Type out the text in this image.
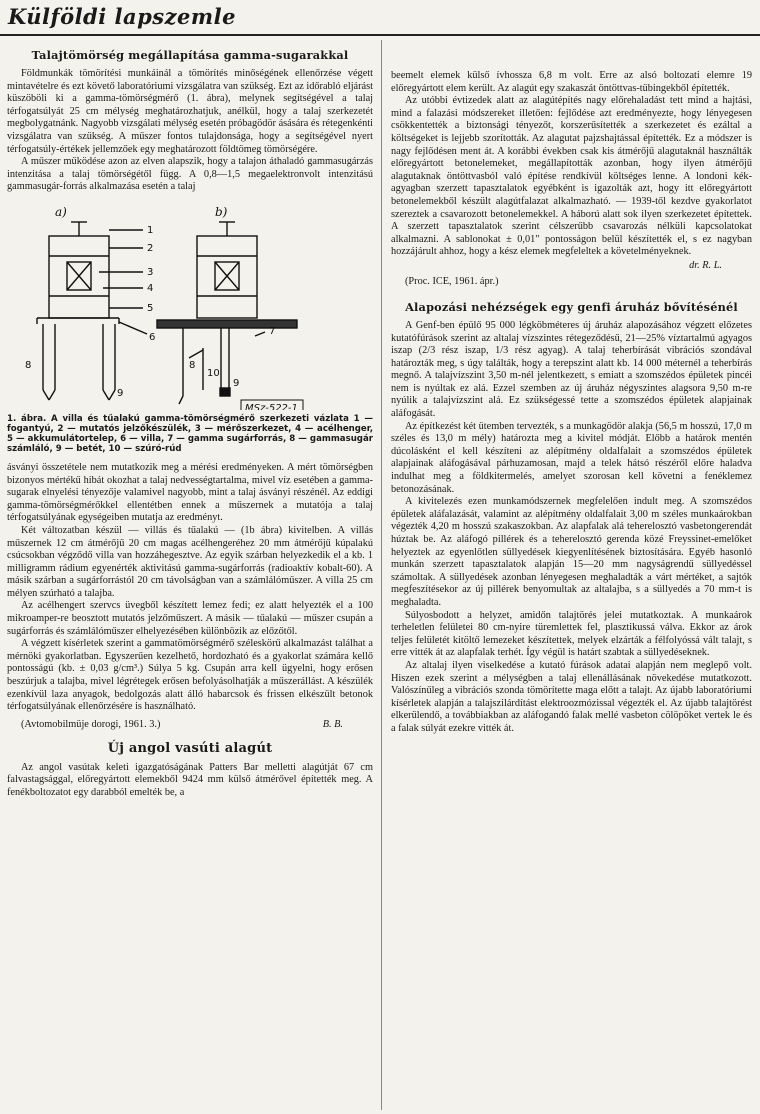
Külföldi lapszemle
Talajtömörség megállapítása gamma-sugarakkal

Földmunkák tömörítési munkáinál a tömörítés minőségének ellenőrzése végett mintavételre és ezt követő laboratóriumi vizsgálatra van szükség. Ezt az időrabló eljárást küszöböli ki a gamma-tömörségmérő (1. ábra), melynek segítségével a talaj térfogatsúlyát 25 cm mélység meghatározhatjuk, anélkül, hogy a talaj szerkezetét megbolygatnánk. Nagyobb vizsgálati mélység esetén próbagödör ásására és rétegenkénti vizsgálatra van szükség. A műszer fontos tulajdonsága, hogy a segítségével nyert térfogatsúly-értékek jellemzőek egy meghatározott földtömeg tömörségére.

A műszer működése azon az elven alapszik, hogy a talajon áthaladó gammasugárzás intenzitása a talaj tömörségétől függ. A 0,8—1,5 megaelektronvolt intenzitású gammasugár-forrás alkalmazása esetén a talaj

a)	b)
1
2
3
4
5
6
7
8
9
10
8
9
MSz-522-1
1. ábra. A villa és tűalakú gamma-tömörségmérő szerkezeti vázlata 1 — fogantyú, 2 — mutatós jelzőkészülék, 3 — mérőszerkezet, 4 — acélhenger, 5 — akkumulátortelep, 6 — villa, 7 — gamma sugárforrás, 8 — gammasugár számláló, 9 — betét, 10 — szúró-rúd

ásványi összetétele nem mutatkozik meg a mérési eredményeken. A mért tömörségben bizonyos mértékű hibát okozhat a talaj nedvességtartalma, mivel víz esetében a gamma-sugarak elnyelési tényezője valamivel nagyobb, mint a talaj ásványi részénél. Az eddigi gamma-tömörségmérőkkel ellentétben ennek a műszernek a mutatója a talaj térfogatsúlyának egységeiben mutatja az eredményt.

Két változatban készül — villás és tűalakú — (1b ábra) kivitelben. A villás műszernek 12 cm átmérőjű 20 cm magas acélhengeréhez 20 mm átmérőjű kúpalakú csúcsokban végződő villa van hozzáhegesztve. Az egyik szárban helyezkedik el a kb. 1 milligramm rádium egyenérték aktivitású gamma-sugárforrás (radioaktív kobalt-60). A másik szárban a sugárforrástól 20 cm távolságban van a számlálóműszer. A villa 25 cm mélyen szúrható a talajba.

Az acélhengert szervcs üvegből készített lemez fedi; ez alatt helyezték el a 100 mikroamper-re beosztott mutatós jelzőműszert. A másik — tűalakú — műszer csupán a sugárforrás és számlálóműszer elhelyezésében különbözik az előzőtől.

A végzett kísérletek szerint a gammatömörségmérő széleskörű alkalmazást találhat a mérnöki gyakorlatban. Egyszerűen kezelhető, hordozható és a gyakorlat számára kellő pontosságú (kb. ± 0,03 g/cm³.) Súlya 5 kg. Csupán arra kell ügyelni, hogy erősen beszúrjuk a talajba, mivel légrétegek erősen befolyásolhatják a műszerállást. A készülék ezenkívül laza anyagok, bedolgozás alatt álló habarcsok és frissen elkészült betonok térfogatsúlyának ellenőrzésére is használható.

(Avtomobilmüje dorogi, 1961. 3.)	B. B.
Új angol vasúti alagút

Az angol vasútak keleti igazgatóságának Patters Bar melletti alagútját 67 cm falvastagsággal, előregyártott elemekből 9424 mm külső átmérővel építették meg. A fenékboltozatot egy darabból emelték be, a

beemelt elemek külső ívhossza 6,8 m volt. Erre az alsó boltozati elemre 19 előregyártott elem került. Az alagút egy szakaszát öntöttvas-tübingekből építették.

Az utóbbi évtizedek alatt az alagútépítés nagy előrehaladást tett mind a hajtási, mind a falazási módszereket illetően: fejlődése azt eredményezte, hogy lényegesen csökkentették a biztonsági tényezőt, korszerűsítették a szerkezetet és ezáltal a költségeket is lejjebb szorították. Az alagutat pajzshajtással építették. Ez a módszer is nagy fejlődésen ment át. A korábbi években csak kis átmérőjű alagutaknál használták előregyártott betonelemeket, megállapították azonban, hogy ilyen átmérőjű alagutaknak öntöttvasból való építése rendkívül költséges lenne. A londoni kék-agyagban szerzett tapasztalatok egyébként is igazolták azt, hogy itt előregyártott betonelemekből készült alagútfalazat alkalmazható. — 1939-től kezdve gyakorlatot szereztek a csavarozott betonelemekkel. A háború alatt sok ilyen szerkezetet építettek. A szerzett tapasztalatok szerint célszerűbb csavarozás nélküli kapcsolatokat alkalmazni. A sablonokat ± 0,01" pontosságon belül készítették el, s ez nagyban hozzájárult ahhoz, hogy a kész elemek megfeleltek a követelményeknek.

dr. R. L.
(Proc. ICE, 1961. ápr.)
Alapozási nehézségek egy genfi áruház bővítésénél

A Genf-ben épülő 95 000 légköbméteres új áruház alapozásához végzett előzetes kutatófúrások szerint az altalaj vízszintes rétegeződésű, 21—25% víztartalmú agyagos iszap (2/3 rész iszap, 1/3 rész agyag). A talaj teherbírását vibrációs szondával határozták meg, s úgy találták, hogy a terepszint alatt kb. 14 000 méternél a teherbírás megnő. A talajvízszint 3,50 m-nél jelentkezett, s emiatt a szomszédos épületek pincéi nem is nyúltak ez alá. Ezzel szemben az új áruház négyszintes alagsora 9,50 m-re nyúlik a talajvízszint alá. Ez szükségessé tette a szomszédos épületek alapjainak aláfogását.

Az építkezést két ütemben tervezték, s a munkagödör alakja (56,5 m hosszú, 17,0 m széles és 13,0 m mély) határozta meg a kivitel módját. Előbb a határok mentén dúcolásként el kell készíteni az alépítmény oldalfalait a szomszédos épületek alapjainak aláfogásával párhuzamosan, majd a telek hátsó részéről előre haladva indulhat meg a földkitermelés, amelyet szorosan kell követni a fenéklemez betonozásának.

A kivitelezés ezen munkamódszernek megfelelően indult meg. A szomszédos épületek aláfalazását, valamint az alépítmény oldalfalait 3,00 m széles munkaárokban végezték 4,20 m hosszú szakaszokban. Az alapfalak alá teherelosztó vasbetongerendát húztak be. Az aláfogó pillérek és a teherelosztó gerenda közé Freyssinet-emelőket helyeztek az egyenlőtlen süllyedések kiegyenlítésének biztosítására. Egyéb hasonló munkán szerzett tapasztalatok alapján 15—20 mm nagyságrendű süllyedéssel számoltak. A süllyedések azonban lényegesen meghaladták a várt mértéket, a sajtók megfeszítésekor az új pillérek benyomultak az altalajba, s a süllyedés a 70 mm-t is meghaladta.

Súlyosbodott a helyzet, amidőn talajtörés jelei mutatkoztak. A munkaárok terheletlen felületei 80 cm-nyire türemlettek fel, plasztikussá válva. Ekkor az árok teljes felületét kitöltő lemezeket készítettek, melyek elzárták a félfolyóssá vált talajt, s erre vitték át az alapfalak terhét. Így végül is határt szabtak a süllyedéseknek.

Az altalaj ilyen viselkedése a kutató fúrások adatai alapján nem meglepő volt. Hiszen ezek szerint a mélységben a talaj ellenállásának növekedése mutatkozott. Valószínűleg a vibrációs szonda tömörítette maga előtt a talajt. Az újabb laboratóriumi kísérletek alapján a talajszilárdítást elektroozmózissal végezték el. Az újabb talajtörést elkerülendő, a továbbiakban az aláfogandó falak mellé vasbeton cölöpöket vertek le és a falak súlyát ezekre vitték át.
